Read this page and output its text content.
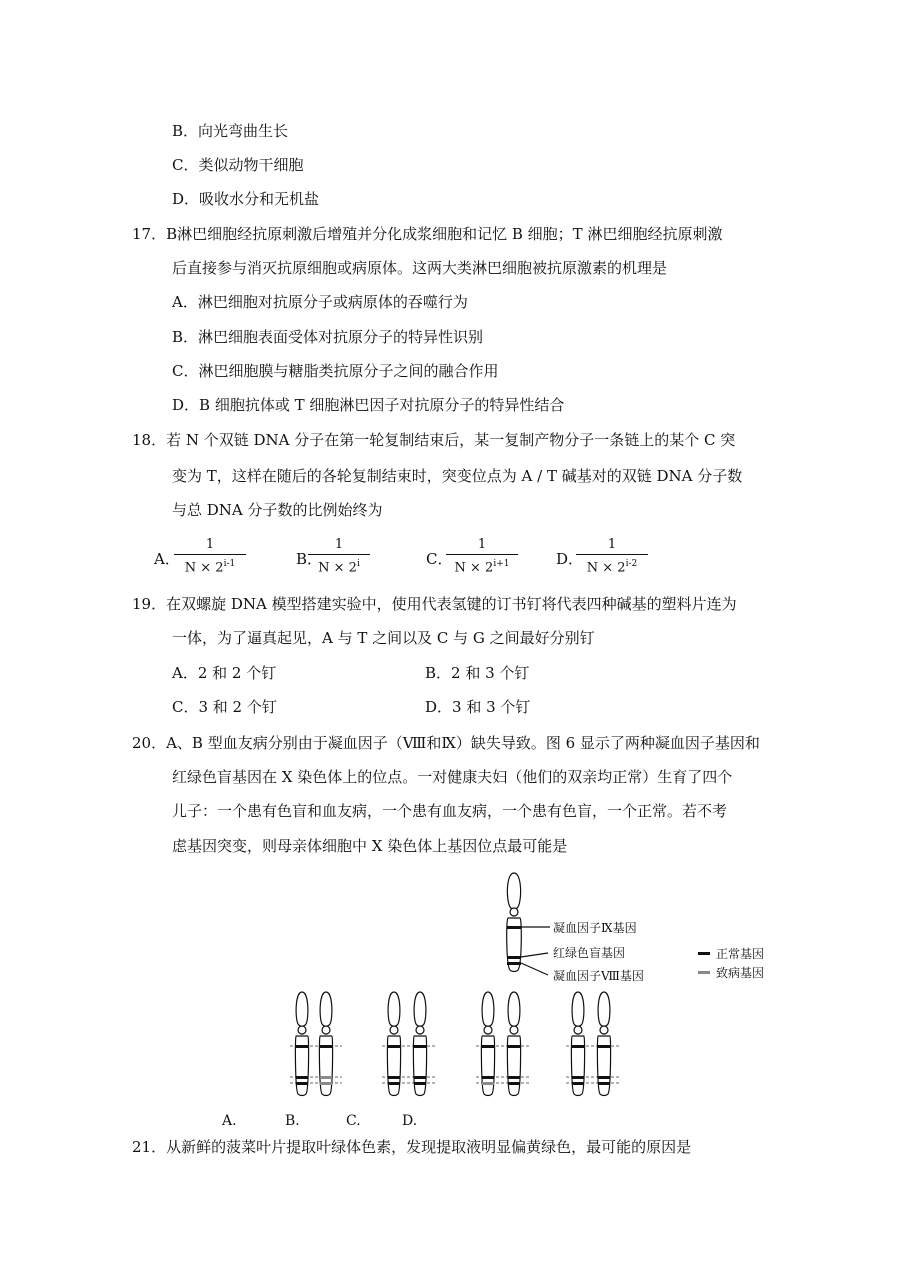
B．向光弯曲生长
C．类似动物干细胞
D．吸收水分和无机盐
17．B淋巴细胞经抗原刺激后增殖并分化成浆细胞和记忆 B 细胞；T 淋巴细胞经抗原刺激
后直接参与消灭抗原细胞或病原体。这两大类淋巴细胞被抗原激素的机理是
A．淋巴细胞对抗原分子或病原体的吞噬行为
B．淋巴细胞表面受体对抗原分子的特异性识别
C．淋巴细胞膜与糖脂类抗原分子之间的融合作用
D．B 细胞抗体或 T 细胞淋巴因子对抗原分子的特异性结合
18．若 N 个双链 DNA 分子在第一轮复制结束后，某一复制产物分子一条链上的某个 C 突
变为 T，这样在随后的各轮复制结束时，突变位点为 A / T 碱基对的双链 DNA 分子数
与总 DNA 分子数的比例始终为
A．
1
$N \times 2^{i-1}$	B．
1
$N \times 2^i$	C．
1
$N \times 2^{i+1}$	D．
1
$N \times 2^{i-2}$
19．在双螺旋 DNA 模型搭建实验中，使用代表氢键的订书钉将代表四种碱基的塑料片连为
一体，为了逼真起见，A 与 T 之间以及 C 与 G 之间最好分别钉
A．2 和 2 个钉	B．2 和 3 个钉
C．3 和 2 个钉	D．3 和 3 个钉
20．A、B 型血友病分别由于凝血因子（Ⅷ和Ⅸ）缺失导致。图 6 显示了两种凝血因子基因和
红绿色盲基因在 X 染色体上的位点。一对健康夫妇（他们的双亲均正常）生育了四个
儿子：一个患有色盲和血友病，一个患有血友病，一个患有色盲，一个正常。若不考
虑基因突变，则母亲体细胞中 X 染色体上基因位点最可能是
凝血因子Ⅸ基因
红绿色盲基因
凝血因子Ⅷ基因
正常基因
致病基因
A.	B.	C.	D.
21．从新鲜的菠菜叶片提取叶绿体色素，发现提取液明显偏黄绿色，最可能的原因是
